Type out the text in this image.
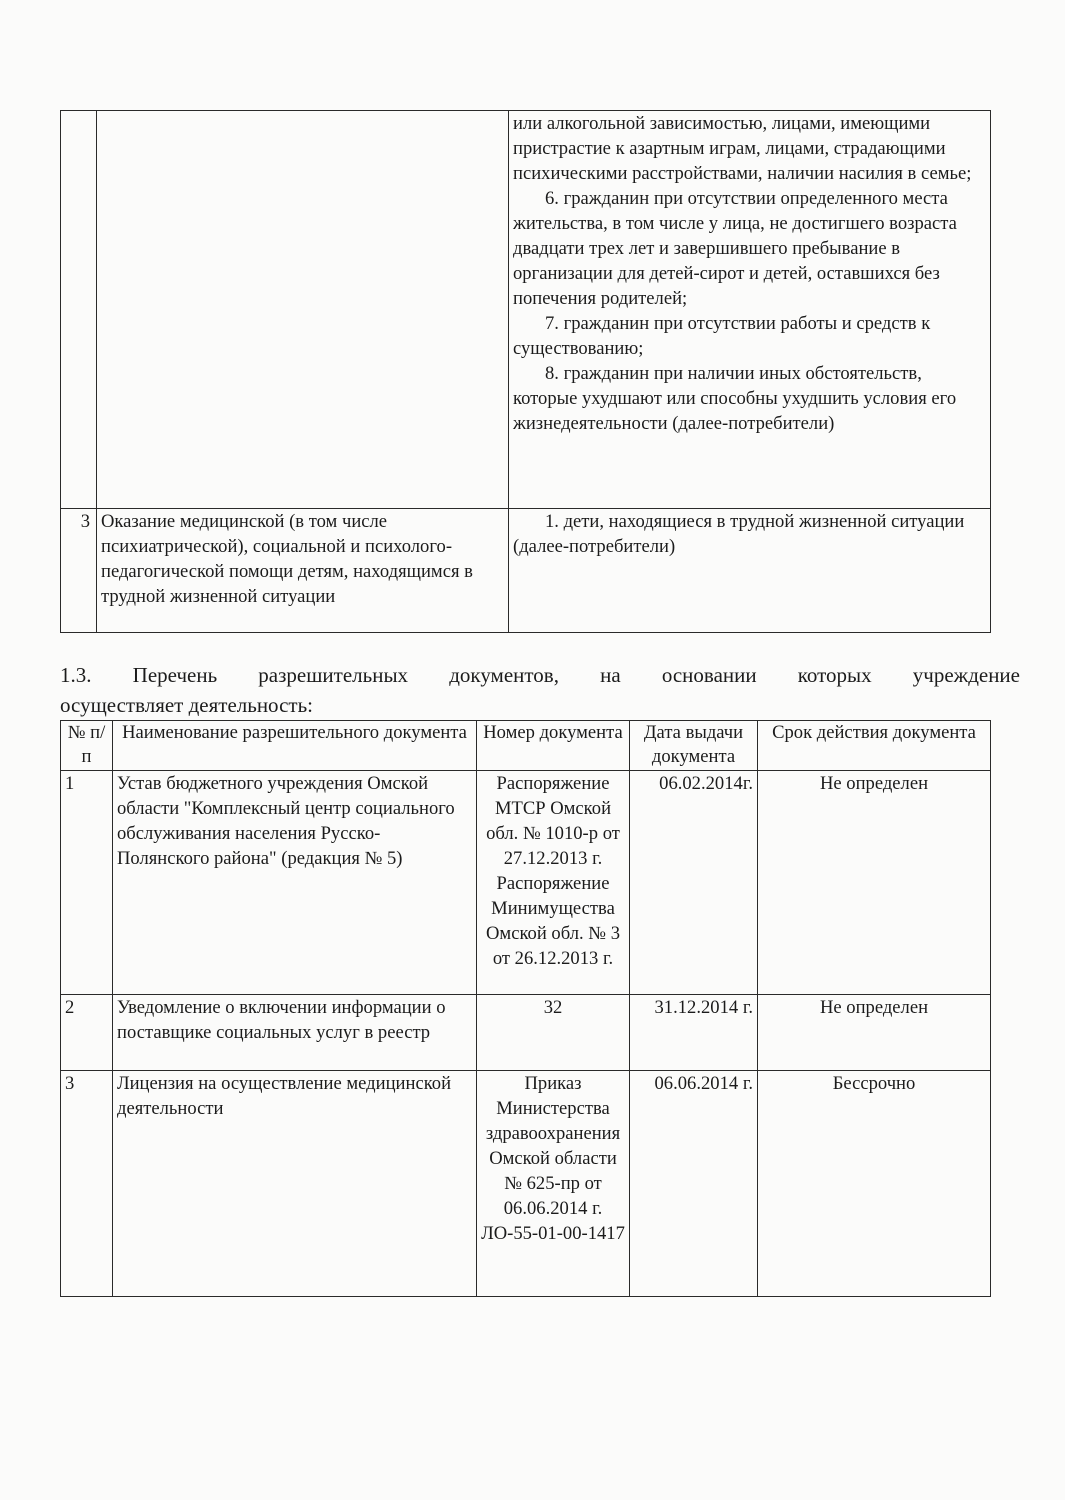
		или алкогольной зависимостью, лицами, имеющими пристрастие к азартным играм, лицами, страдающими психическими расстройствами, наличии насилия в семье;

6. гражданин при отсутствии определенного места жительства, в том числе у лица, не достигшего возраста двадцати трех лет и завершившего пребывание в организации для детей-сирот и детей, оставшихся без попечения родителей;

7. гражданин при отсутствии работы и средств к существованию;

8. гражданин при наличии иных обстоятельств, которые ухудшают или способны ухудшить условия его жизнедеятельности (далее-потребители)

3	Оказание медицинской (в том числе психиатрической), социальной и психолого-педагогической помощи детям, находящимся в трудной жизненной ситуации	1. дети, находящиеся в трудной жизненной ситуации (далее-потребители)

1.3. Перечень разрешительных документов, на основании которых учреждение
осуществляет деятельность:
№ п/п	Наименование разрешительного документа	Номер документа	Дата выдачи документа	Срок действия документа
1	Устав бюджетного учреждения Омской области "Комплексный центр социального обслуживания населения Русско-Полянского района" (редакция № 5)	Распоряжение МТСР Омской обл. № 1010-р от 27.12.2013 г. Распоряжение Минимущества Омской обл. № 3 от 26.12.2013 г.	06.02.2014г.	Не определен
2	Уведомление о включении информации о поставщике социальных услуг в реестр	32	31.12.2014 г.	Не определен
3	Лицензия на осуществление медицинской деятельности	Приказ Министерства здравоохранения Омской области № 625-пр от 06.06.2014 г. ЛО-55-01-00-1417	06.06.2014 г.	Бессрочно
